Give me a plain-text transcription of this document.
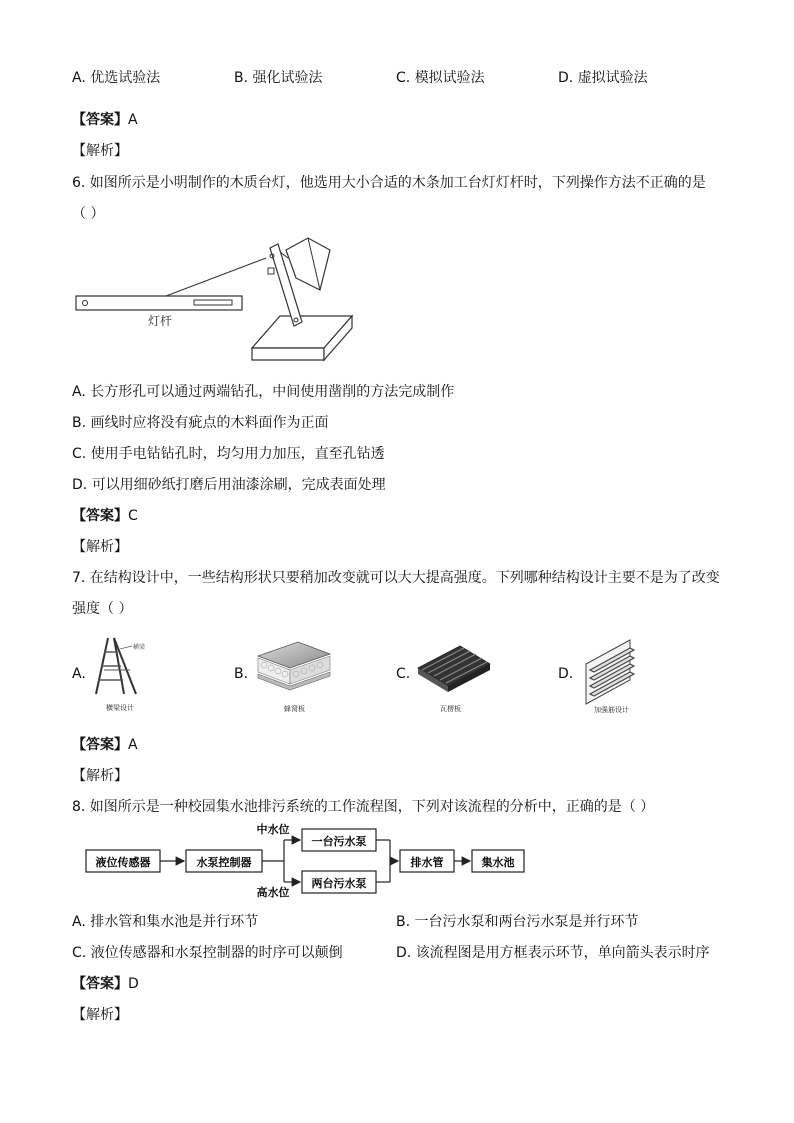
A. 优选试验法	B. 强化试验法	C. 模拟试验法	D. 虚拟试验法
【答案】A
【解析】
6. 如图所示是小明制作的木质台灯，他选用大小合适的木条加工台灯灯杆时，下列操作方法不正确的是
（ ）
灯杆
A. 长方形孔可以通过两端钻孔，中间使用凿削的方法完成制作
B. 画线时应将没有疵点的木料面作为正面
C. 使用手电钻钻孔时，均匀用力加压，直至孔钻透
D. 可以用细砂纸打磨后用油漆涂刷，完成表面处理
【答案】C
【解析】
7. 在结构设计中，一些结构形状只要稍加改变就可以大大提高强度。下列哪种结构设计主要不是为了改变
强度（ ）
A.
横梁
横梁设计
B.
蜂窝板
C.
瓦楞板
D.
加强筋设计
【答案】A
【解析】
8. 如图所示是一种校园集水池排污系统的工作流程图，下列对该流程的分析中，正确的是（ ）
液位传感器	水泵控制器
中水位
高水位
一台污水泵
两台污水泵
排水管	集水池
A. 排水管和集水池是并行环节	B. 一台污水泵和两台污水泵是并行环节
C. 液位传感器和水泵控制器的时序可以颠倒	D. 该流程图是用方框表示环节，单向箭头表示时序
【答案】D
【解析】
